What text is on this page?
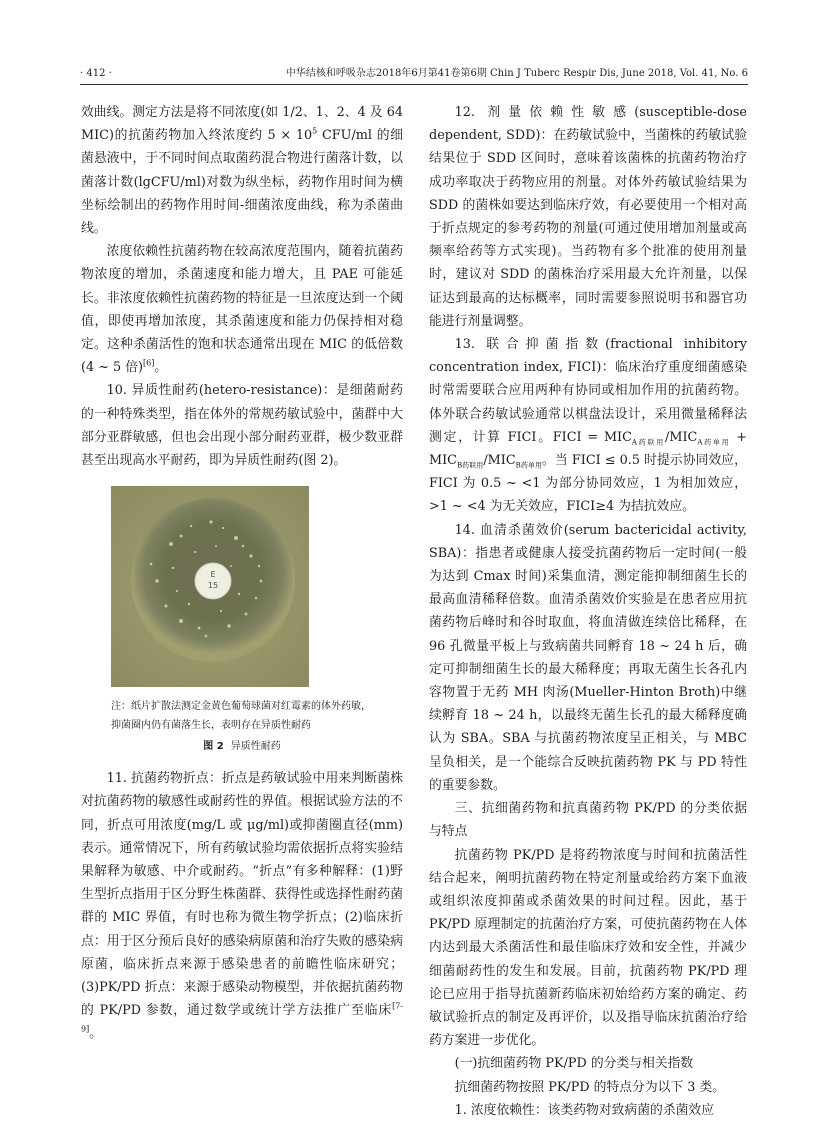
· 412 ·	中华结核和呼吸杂志2018年6月第41卷第6期 Chin J Tuberc Respir Dis, June 2018, Vol. 41, No. 6

效曲线。测定方法是将不同浓度(如 1/2、1、2、4 及 64 MIC)的抗菌药物加入终浓度约 $5 \times 10^5$ CFU/ml 的细菌悬液中，于不同时间点取菌药混合物进行菌落计数，以菌落计数(lgCFU/ml)对数为纵坐标，药物作用时间为横坐标绘制出的药物作用时间-细菌浓度曲线，称为杀菌曲线。

浓度依赖性抗菌药物在较高浓度范围内，随着抗菌药物浓度的增加，杀菌速度和能力增大，且 PAE 可能延长。非浓度依赖性抗菌药物的特征是一旦浓度达到一个阈值，即使再增加浓度，其杀菌速度和能力仍保持相对稳定。这种杀菌活性的饱和状态通常出现在 MIC 的低倍数(4 ~ 5 倍)[6]。

10. 异质性耐药(hetero-resistance)：是细菌耐药的一种特殊类型，指在体外的常规药敏试验中，菌群中大部分亚群敏感，但也会出现小部分耐药亚群，极少数亚群甚至出现高水平耐药，即为异质性耐药(图 2)。

E
15
注：纸片扩散法测定金黄色葡萄球菌对红霉素的体外药敏，抑菌圈内仍有菌落生长，表明存在异质性耐药
图 2 异质性耐药

11. 抗菌药物折点：折点是药敏试验中用来判断菌株对抗菌药物的敏感性或耐药性的界值。根据试验方法的不同，折点可用浓度(mg/L 或 μg/ml)或抑菌圈直径(mm)表示。通常情况下，所有药敏试验均需依据折点将实验结果解释为敏感、中介或耐药。“折点”有多种解释：(1)野生型折点指用于区分野生株菌群、获得性或选择性耐药菌群的 MIC 界值，有时也称为微生物学折点；(2)临床折点：用于区分预后良好的感染病原菌和治疗失败的感染病原菌，临床折点来源于感染患者的前瞻性临床研究；(3)PK/PD 折点：来源于感染动物模型，并依据抗菌药物的 PK/PD 参数，通过数学或统计学方法推广至临床[7-9]。

12. 剂量依赖性敏感(susceptible-dose dependent, SDD)：在药敏试验中，当菌株的药敏试验结果位于 SDD 区间时，意味着该菌株的抗菌药物治疗成功率取决于药物应用的剂量。对体外药敏试验结果为 SDD 的菌株如要达到临床疗效，有必要使用一个相对高于折点规定的参考药物的剂量(可通过使用增加剂量或高频率给药等方式实现)。当药物有多个批准的使用剂量时，建议对 SDD 的菌株治疗采用最大允许剂量，以保证达到最高的达标概率，同时需要参照说明书和器官功能进行剂量调整。

13. 联合抑菌指数(fractional inhibitory concentration index, FICI)：临床治疗重度细菌感染时常需要联合应用两种有协同或相加作用的抗菌药物。体外联合药敏试验通常以棋盘法设计，采用微量稀释法测定，计算 FICI。FICI = $MIC_{A药联用}/MIC_{A药单用} + MIC_{B药联用}/MIC_{B药单用}$。当 FICI ≤ 0.5 时提示协同效应，FICI 为 0.5 ~ <1 为部分协同效应，1 为相加效应，>1 ~ <4 为无关效应，FICI≥4 为拮抗效应。

14. 血清杀菌效价(serum bactericidal activity, SBA)：指患者或健康人接受抗菌药物后一定时间(一般为达到 Cmax 时间)采集血清，测定能抑制细菌生长的最高血清稀释倍数。血清杀菌效价实验是在患者应用抗菌药物后峰时和谷时取血，将血清做连续倍比稀释，在 96 孔微量平板上与致病菌共同孵育 18 ~ 24 h 后，确定可抑制细菌生长的最大稀释度；再取无菌生长各孔内容物置于无药 MH 肉汤(Mueller-Hinton Broth)中继续孵育 18 ~ 24 h，以最终无菌生长孔的最大稀释度确认为 SBA。SBA 与抗菌药物浓度呈正相关，与 MBC 呈负相关，是一个能综合反映抗菌药物 PK 与 PD 特性的重要参数。

三、抗细菌药物和抗真菌药物 PK/PD 的分类依据与特点

抗菌药物 PK/PD 是将药物浓度与时间和抗菌活性结合起来，阐明抗菌药物在特定剂量或给药方案下血液或组织浓度抑菌或杀菌效果的时间过程。因此，基于 PK/PD 原理制定的抗菌治疗方案，可使抗菌药物在人体内达到最大杀菌活性和最佳临床疗效和安全性，并减少细菌耐药性的发生和发展。目前，抗菌药物 PK/PD 理论已应用于指导抗菌新药临床初始给药方案的确定、药敏试验折点的制定及再评价，以及指导临床抗菌治疗给药方案进一步优化。

(一)抗细菌药物 PK/PD 的分类与相关指数

抗细菌药物按照 PK/PD 的特点分为以下 3 类。

1. 浓度依赖性：该类药物对致病菌的杀菌效应
